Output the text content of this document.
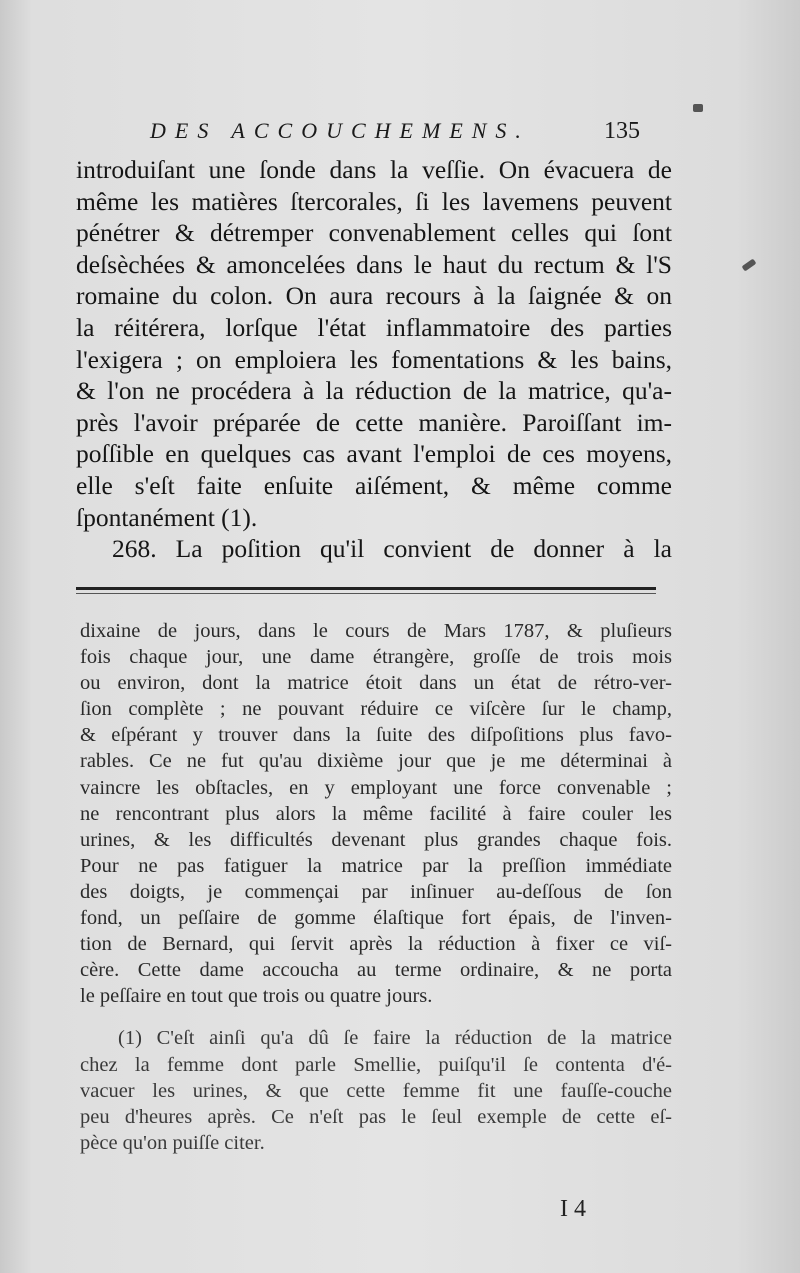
DES ACCOUCHEMENS.	135
introduiſant une ſonde dans la veſſie. On évacuera de
même les matières ſtercorales, ſi les lavemens peuvent
pénétrer & détremper convenablement celles qui ſont
deſsèchées & amoncelées dans le haut du rectum & l'S
romaine du colon. On aura recours à la ſaignée & on
la réitérera, lorſque l'état inflammatoire des parties
l'exigera ; on emploiera les fomentations & les bains,
& l'on ne procédera à la réduction de la matrice, qu'a-
près l'avoir préparée de cette manière. Paroiſſant im-
poſſible en quelques cas avant l'emploi de ces moyens,
elle s'eſt faite enſuite aiſément, & même comme
ſpontanément (1).
268. La poſition qu'il convient de donner à la
dixaine de jours, dans le cours de Mars 1787, & pluſieurs
fois chaque jour, une dame étrangère, groſſe de trois mois
ou environ, dont la matrice étoit dans un état de rétro-ver-
ſion complète ; ne pouvant réduire ce viſcère ſur le champ,
& eſpérant y trouver dans la ſuite des diſpoſitions plus favo-
rables. Ce ne fut qu'au dixième jour que je me déterminai à
vaincre les obſtacles, en y employant une force convenable ;
ne rencontrant plus alors la même facilité à faire couler les
urines, & les difficultés devenant plus grandes chaque fois.
Pour ne pas fatiguer la matrice par la preſſion immédiate
des doigts, je commençai par inſinuer au-deſſous de ſon
fond, un peſſaire de gomme élaſtique fort épais, de l'inven-
tion de Bernard, qui ſervit après la réduction à fixer ce viſ-
cère. Cette dame accoucha au terme ordinaire, & ne porta
le peſſaire en tout que trois ou quatre jours.
(1) C'eſt ainſi qu'a dû ſe faire la réduction de la matrice
chez la femme dont parle Smellie, puiſqu'il ſe contenta d'é-
vacuer les urines, & que cette femme fit une fauſſe-couche
peu d'heures après. Ce n'eſt pas le ſeul exemple de cette eſ-
pèce qu'on puiſſe citer.
I 4
